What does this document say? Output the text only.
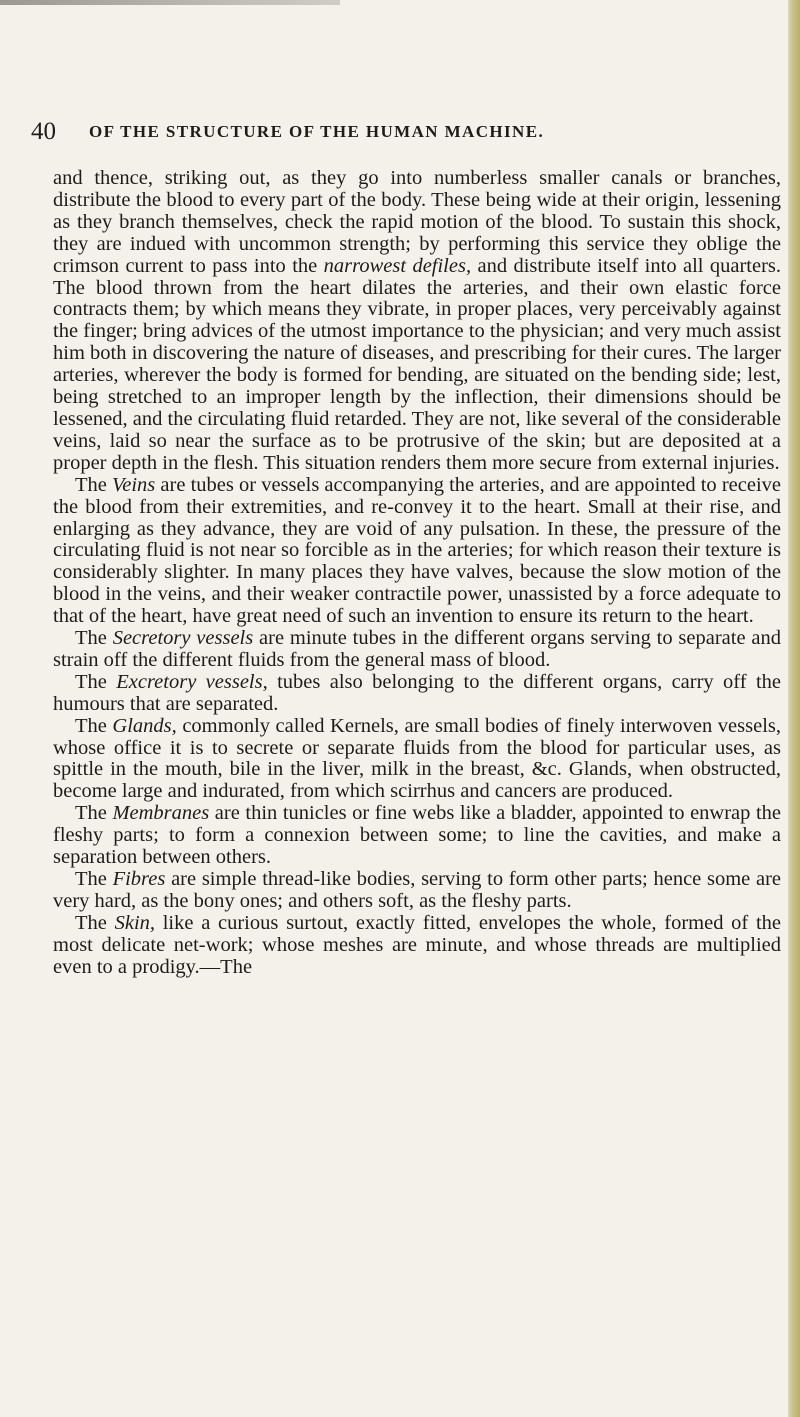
40 OF THE STRUCTURE OF THE HUMAN MACHINE.

and thence, striking out, as they go into numberless smaller canals or branches, distribute the blood to every part of the body. These being wide at their origin, lessening as they branch themselves, check the rapid motion of the blood. To sustain this shock, they are indued with uncommon strength; by performing this service they oblige the crimson current to pass into the narrowest defiles, and distribute itself into all quarters. The blood thrown from the heart dilates the arteries, and their own elastic force contracts them; by which means they vibrate, in proper places, very perceivably against the finger; bring advices of the utmost importance to the physician; and very much assist him both in discovering the nature of diseases, and prescribing for their cures. The larger arteries, wherever the body is formed for bending, are situated on the bending side; lest, being stretched to an improper length by the inflection, their dimensions should be lessened, and the circulating fluid retarded. They are not, like several of the considerable veins, laid so near the surface as to be protrusive of the skin; but are deposited at a proper depth in the flesh. This situation renders them more secure from external injuries.

The Veins are tubes or vessels accompanying the arteries, and are appointed to receive the blood from their extremities, and re-convey it to the heart. Small at their rise, and enlarging as they advance, they are void of any pulsation. In these, the pressure of the circulating fluid is not near so forcible as in the arteries; for which reason their texture is considerably slighter. In many places they have valves, because the slow motion of the blood in the veins, and their weaker contractile power, unassisted by a force adequate to that of the heart, have great need of such an invention to ensure its return to the heart.

The Secretory vessels are minute tubes in the different organs serving to separate and strain off the different fluids from the general mass of blood.

The Excretory vessels, tubes also belonging to the different organs, carry off the humours that are separated.

The Glands, commonly called Kernels, are small bodies of finely interwoven vessels, whose office it is to secrete or separate fluids from the blood for particular uses, as spittle in the mouth, bile in the liver, milk in the breast, &c. Glands, when obstructed, become large and indurated, from which scirrhus and cancers are produced.

The Membranes are thin tunicles or fine webs like a bladder, appointed to enwrap the fleshy parts; to form a connexion between some; to line the cavities, and make a separation between others.

The Fibres are simple thread-like bodies, serving to form other parts; hence some are very hard, as the bony ones; and others soft, as the fleshy parts.

The Skin, like a curious surtout, exactly fitted, envelopes the whole, formed of the most delicate net-work; whose meshes are minute, and whose threads are multiplied even to a prodigy.—The
